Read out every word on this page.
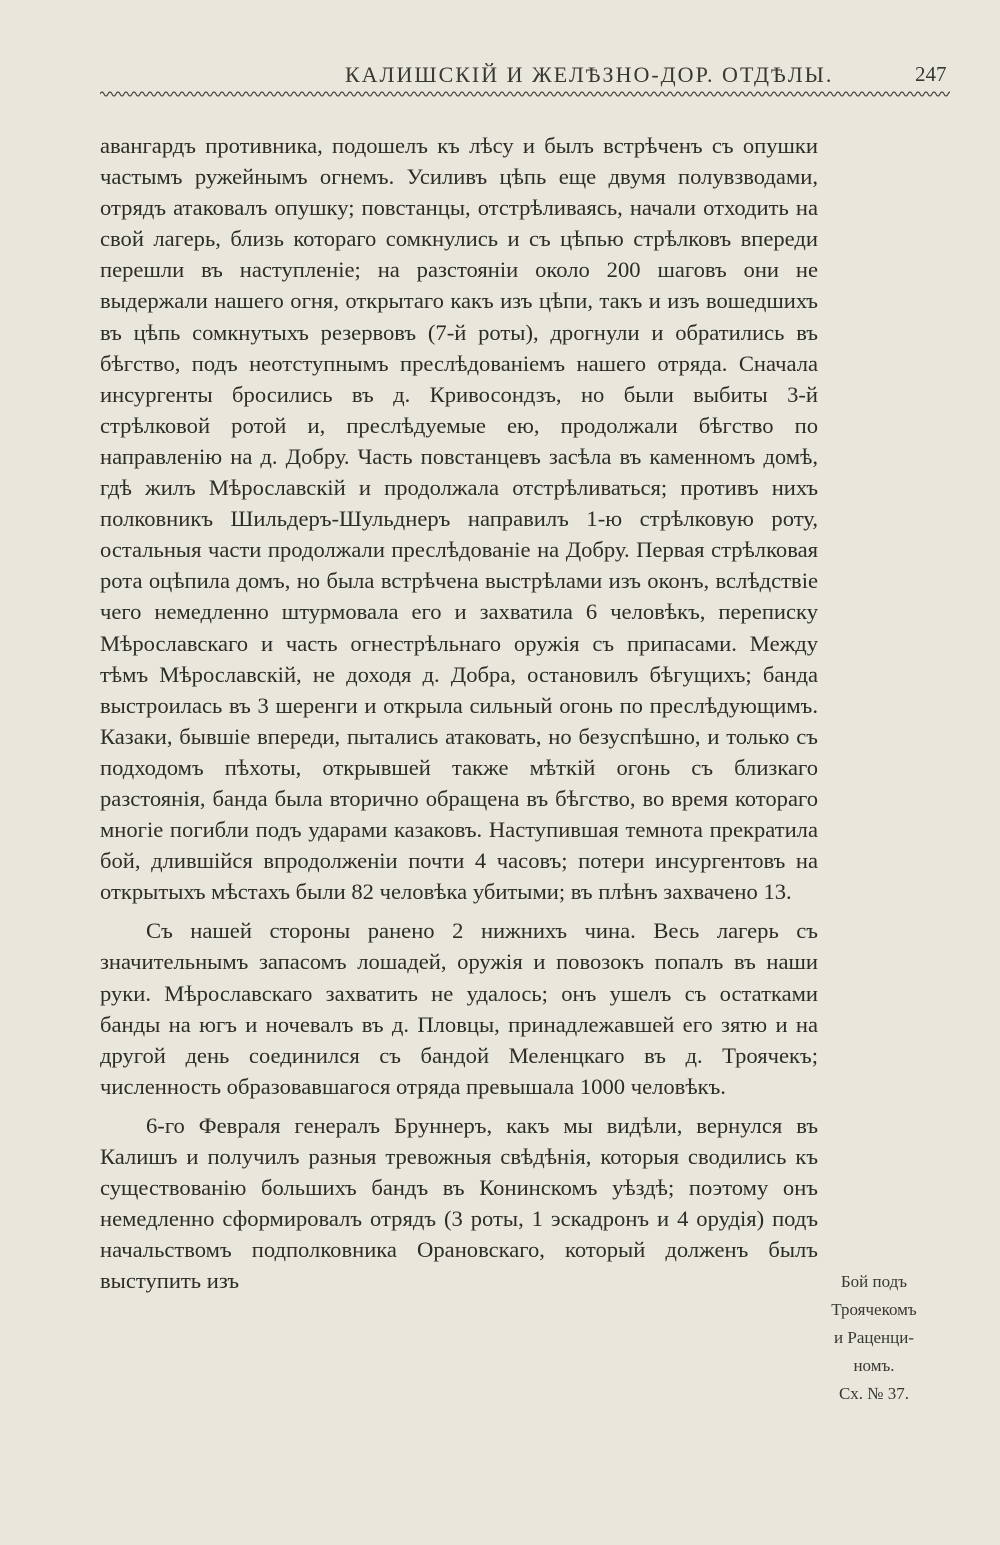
КАЛИШСКІЙ И ЖЕЛѢЗНО-ДОР. ОТДѢЛЫ.	247

авангардъ противника, подошелъ къ лѣсу и былъ встрѣченъ съ опушки частымъ ружейнымъ огнемъ. Усиливъ цѣпь еще двумя полувзводами, отрядъ атаковалъ опушку; повстанцы, отстрѣливаясь, начали отходить на свой лагерь, близь котораго сомкнулись и съ цѣпью стрѣлковъ впереди перешли въ наступленіе; на разстояніи около 200 шаговъ они не выдержали нашего огня, открытаго какъ изъ цѣпи, такъ и изъ вошедшихъ въ цѣпь сомкнутыхъ резервовъ (7-й роты), дрогнули и обратились въ бѣгство, подъ неотступнымъ преслѣдованіемъ нашего отряда. Сначала инсургенты бросились въ д. Кривосондзъ, но были выбиты 3-й стрѣлковой ротой и, преслѣдуемые ею, продолжали бѣгство по направленію на д. Добру. Часть повстанцевъ засѣла въ каменномъ домѣ, гдѣ жилъ Мѣрославскій и продолжала отстрѣливаться; противъ нихъ полковникъ Шильдеръ-Шульднеръ направилъ 1-ю стрѣлковую роту, остальныя части продолжали преслѣдованіе на Добру. Первая стрѣлковая рота оцѣпила домъ, но была встрѣчена выстрѣлами изъ оконъ, вслѣдствіе чего немедленно штурмовала его и захватила 6 человѣкъ, переписку Мѣрославскаго и часть огнестрѣльнаго оружія съ припасами. Между тѣмъ Мѣрославскій, не доходя д. Добра, остановилъ бѣгущихъ; банда выстроилась въ 3 шеренги и открыла сильный огонь по преслѣдующимъ. Казаки, бывшіе впереди, пытались атаковать, но безуспѣшно, и только съ подходомъ пѣхоты, открывшей также мѣткій огонь съ близкаго разстоянія, банда была вторично обращена въ бѣгство, во время котораго многіе погибли подъ ударами казаковъ. Наступившая темнота прекратила бой, длившійся впродолженіи почти 4 часовъ; потери инсургентовъ на открытыхъ мѣстахъ были 82 человѣка убитыми; въ плѣнъ захвачено 13.

Съ нашей стороны ранено 2 нижнихъ чина. Весь лагерь съ значительнымъ запасомъ лошадей, оружія и повозокъ попалъ въ наши руки. Мѣрославскаго захватить не удалось; онъ ушелъ съ остатками банды на югъ и ночевалъ въ д. Пловцы, принадлежавшей его зятю и на другой день соединился съ бандой Меленцкаго въ д. Троячекъ; численность образовавшагося отряда превышала 1000 человѣкъ.

6-го Февраля генералъ Бруннеръ, какъ мы видѣли, вернулся въ Калишъ и получилъ разныя тревожныя свѣдѣнія, которыя сводились къ существованію большихъ бандъ въ Конинскомъ уѣздѣ; поэтому онъ немедленно сформировалъ отрядъ (3 роты, 1 эскадронъ и 4 орудія) подъ начальствомъ подполковника Орановскаго, который долженъ былъ выступить изъ	Бой подъ
Троячекомъ
и Раценци-
номъ.
Сх. № 37.
